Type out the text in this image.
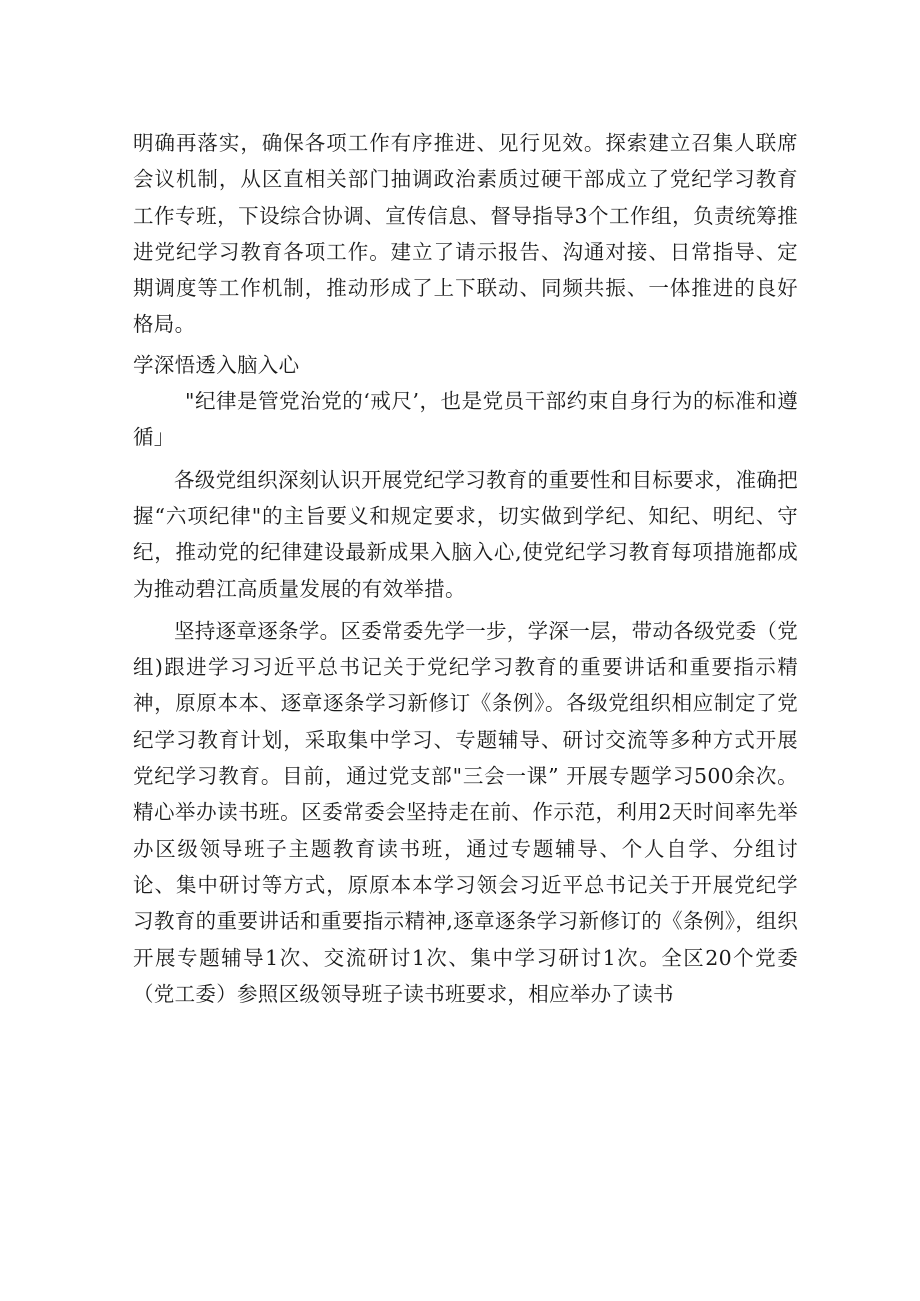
明确再落实，确保各项工作有序推进、见行见效。探索建立召集人联席会议机制，从区直相关部门抽调政治素质过硬干部成立了党纪学习教育工作专班，下设综合协调、宣传信息、督导指导3个工作组，负责统筹推进党纪学习教育各项工作。建立了请示报告、沟通对接、日常指导、定期调度等工作机制，推动形成了上下联动、同频共振、一体推进的良好格局。

学深悟透入脑入心

"纪律是管党治党的‘戒尺’，也是党员干部约束自身行为的标准和遵循」

各级党组织深刻认识开展党纪学习教育的重要性和目标要求，准确把握“六项纪律"的主旨要义和规定要求，切实做到学纪、知纪、明纪、守纪，推动党的纪律建设最新成果入脑入心,使党纪学习教育每项措施都成为推动碧江高质量发展的有效举措。

坚持逐章逐条学。区委常委先学一步，学深一层，带动各级党委（党组)跟进学习习近平总书记关于党纪学习教育的重要讲话和重要指示精神，原原本本、逐章逐条学习新修订《条例》。各级党组织相应制定了党纪学习教育计划，采取集中学习、专题辅导、研讨交流等多种方式开展党纪学习教育。目前，通过党支部"三会一课” 开展专题学习500余次。精心举办读书班。区委常委会坚持走在前、作示范，利用2天时间率先举办区级领导班子主题教育读书班，通过专题辅导、个人自学、分组讨论、集中研讨等方式，原原本本学习领会习近平总书记关于开展党纪学习教育的重要讲话和重要指示精神,逐章逐条学习新修订的《条例》，组织开展专题辅导1次、交流研讨1次、集中学习研讨1次。全区20个党委（党工委）参照区级领导班子读书班要求，相应举办了读书
